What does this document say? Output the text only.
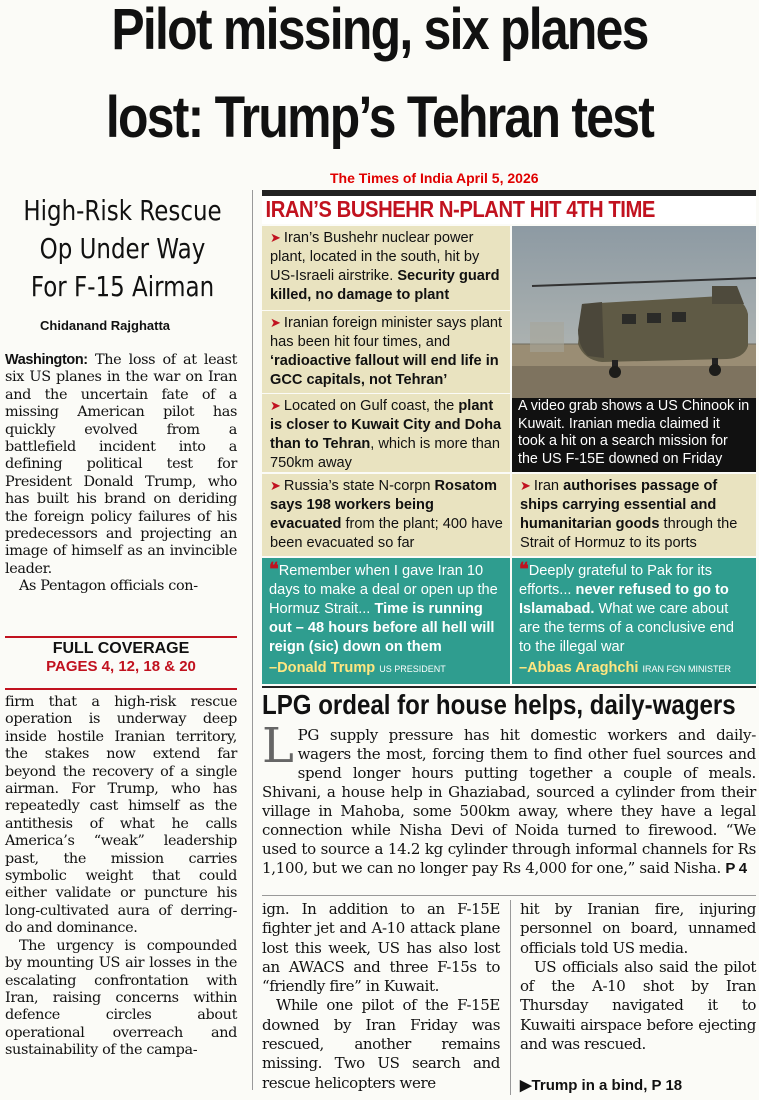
Pilot missing, six planes
lost: Trump’s Tehran test
The Times of India April 5, 2026
High-Risk Rescue
Op Under Way
For F-15 Airman
Chidanand Rajghatta
Washington: The loss of at least six US planes in the war on Iran and the uncertain fate of a missing American pilot has quickly evolved from a battlefield incident into a defining political test for President Donald Trump, who has built his brand on deriding the foreign policy failures of his predecessors and projecting an image of himself as an invincible leader.
As Pentagon officials con-
FULL COVERAGE
PAGES 4, 12, 18 & 20
firm that a high-risk rescue operation is underway deep inside hostile Iranian territory, the stakes now extend far beyond the recovery of a single airman. For Trump, who has repeatedly cast himself as the antithesis of what he calls America’s “weak” leadership past, the mission carries symbolic weight that could either validate or puncture his long-cultivated aura of derring-do and dominance.
The urgency is compounded by mounting US air losses in the escalating confrontation with Iran, raising concerns within defence circles about operational overreach and sustainability of the campa-
IRAN’S BUSHEHR N-PLANT HIT 4TH TIME
➤ Iran’s Bushehr nuclear power plant, located in the south, hit by US-Israeli airstrike. Security guard killed, no damage to plant
➤ Iranian foreign minister says plant has been hit four times, and ‘radioactive fallout will end life in GCC capitals, not Tehran’
➤ Located on Gulf coast, the plant is closer to Kuwait City and Doha than to Tehran, which is more than 750km away
➤ Russia’s state N-corpn Rosatom says 198 workers being evacuated from the plant; 400 have been evacuated so far
A video grab shows a US Chinook in Kuwait. Iranian media claimed it took a hit on a search mission for the US F-15E downed on Friday
➤ Iran authorises passage of ships carrying essential and humanitarian goods through the Strait of Hormuz to its ports
❝Remember when I gave Iran 10 days to make a deal or open up the Hormuz Strait... Time is running out – 48 hours before all hell will reign (sic) down on them
–Donald Trump US PRESIDENT
❝Deeply grateful to Pak for its efforts... never refused to go to Islamabad. What we care about are the terms of a conclusive end to the illegal war
–Abbas Araghchi IRAN FGN MINISTER
LPG ordeal for house helps, daily-wagers
LPG supply pressure has hit domestic workers and daily-wagers the most, forcing them to find other fuel sources and spend longer hours putting together a couple of meals. Shivani, a house help in Ghaziabad, sourced a cylinder from their village in Mahoba, some 500km away, where they have a legal connection while Nisha Devi of Noida turned to firewood. “We used to source a 14.2 kg cylinder through informal channels for Rs 1,100, but we can no longer pay Rs 4,000 for one,” said Nisha. P 4
ign. In addition to an F-15E fighter jet and A-10 attack plane lost this week, US has also lost an AWACS and three F-15s to “friendly fire” in Kuwait.
While one pilot of the F-15E downed by Iran Friday was rescued, another remains missing. Two US search and rescue helicopters were
hit by Iranian fire, injuring personnel on board, unnamed officials told US media.
US officials also said the pilot of the A-10 shot by Iran Thursday navigated it to Kuwaiti airspace before ejecting and was rescued.
▶Trump in a bind, P 18
